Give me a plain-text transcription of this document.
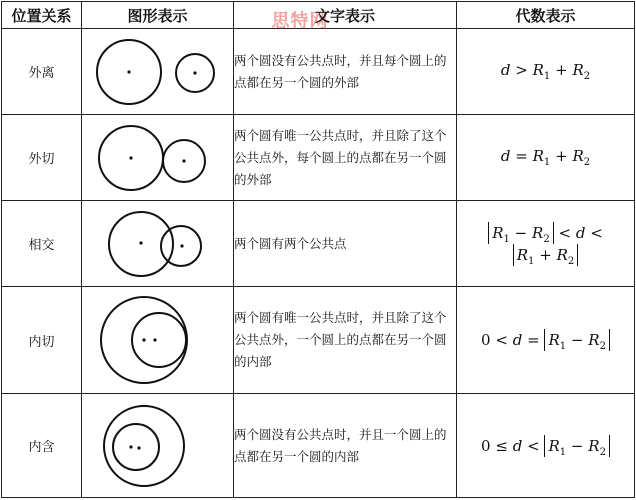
位置关系	图形表示 思特网	文字表示	代数表示
外离		两个圆没有公共点时，并且每个圆上的点都在另一个圆的外部	$d > R_1 + R_2$
外切		两个圆有唯一公共点时，并且除了这个公共点外，每个圆上的点都在另一个圆的外部	$d = R_1 + R_2$
相交		两个圆有两个公共点	$R_1 - R_2 < d < R_1 + R_2$
内切		两个圆有唯一公共点时，并且除了这个公共点外，一个圆上的点都在另一个圆的内部	$0 < d = R_1 - R_2$
内含		两个圆没有公共点时，并且一个圆上的点都在另一个圆的内部	$0 \le d < R_1 - R_2$
